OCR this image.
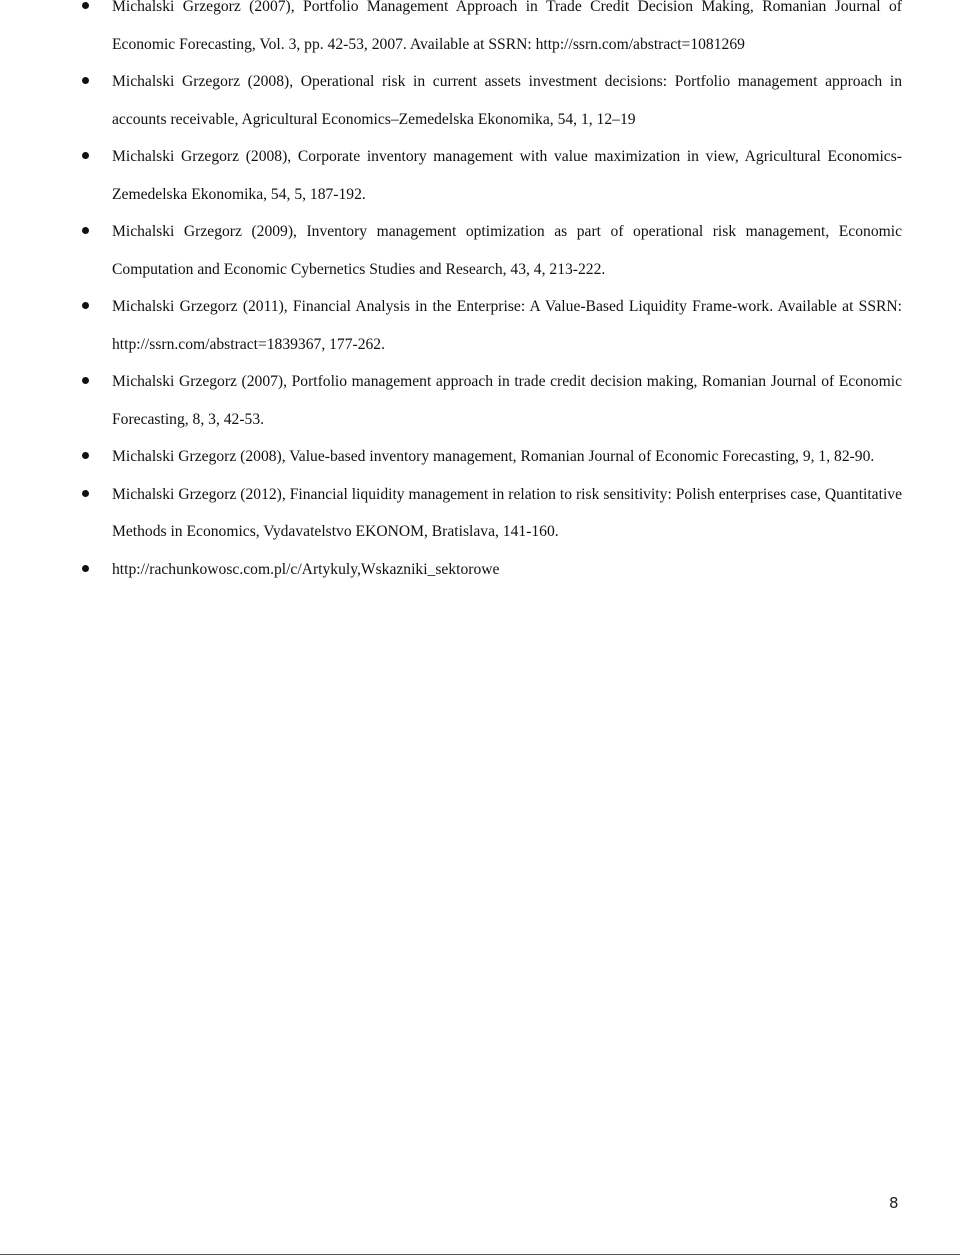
Michalski Grzegorz (2007), Portfolio Management Approach in Trade Credit Decision Making, Romanian Journal of Economic Forecasting, Vol. 3, pp. 42-53, 2007. Available at SSRN: http://ssrn.com/abstract=1081269
Michalski Grzegorz (2008), Operational risk in current assets investment decisions: Portfolio management approach in accounts receivable, Agricultural Economics–Zemedelska Ekonomika, 54, 1, 12–19
Michalski Grzegorz (2008), Corporate inventory management with value maximization in view, Agricultural Economics-Zemedelska Ekonomika, 54, 5, 187-192.
Michalski Grzegorz (2009), Inventory management optimization as part of operational risk management, Economic Computation and Economic Cybernetics Studies and Research, 43, 4, 213-222.
Michalski Grzegorz (2011), Financial Analysis in the Enterprise: A Value-Based Liquidity Frame-work. Available at SSRN: http://ssrn.com/abstract=1839367, 177-262.
Michalski Grzegorz (2007), Portfolio management approach in trade credit decision making, Romanian Journal of Economic Forecasting, 8, 3, 42-53.
Michalski Grzegorz (2008), Value-based inventory management, Romanian Journal of Economic Forecasting, 9, 1, 82-90.
Michalski Grzegorz (2012), Financial liquidity management in relation to risk sensitivity: Polish enterprises case, Quantitative Methods in Economics, Vydavatelstvo EKONOM, Bratislava, 141-160.
http://rachunkowosc.com.pl/c/Artykuly,Wskazniki_sektorowe
8
